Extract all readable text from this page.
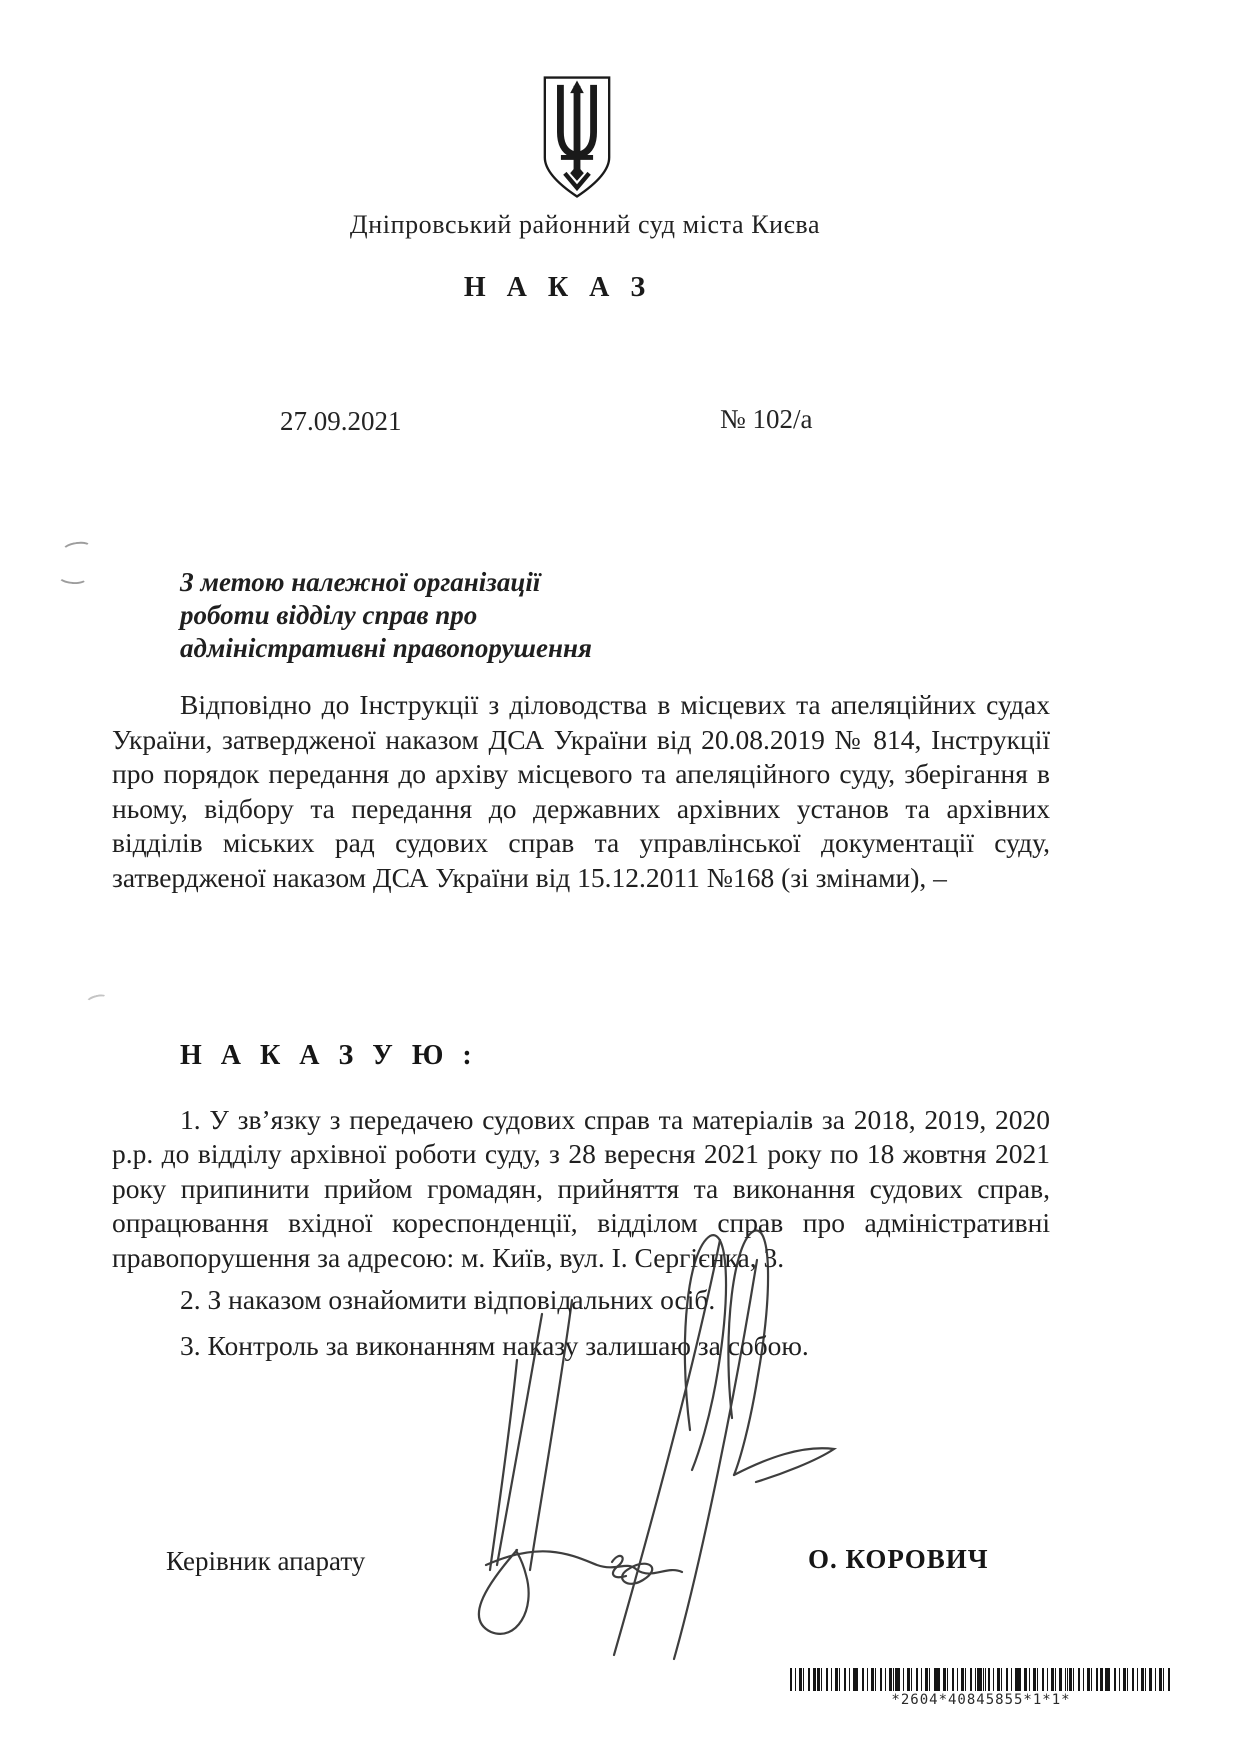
Дніпровський районний суд міста Києва
Н А К А З
27.09.2021	№ 102/а
З метою належної організації
роботи відділу справ про
адміністративні правопорушення
Відповідно до Інструкції з діловодства в місцевих та апеляційних судах України, затвердженої наказом ДСА України від 20.08.2019 № 814, Інструкції про порядок передання до архіву місцевого та апеляційного суду, зберігання в ньому, відбору та передання до державних архівних установ та архівних відділів міських рад судових справ та управлінської документації суду, затвердженої наказом ДСА України від 15.12.2011 №168 (зі змінами), –
Н А К А З У Ю :

1. У зв’язку з передачею судових справ та матеріалів за 2018, 2019, 2020 р.р. до відділу архівної роботи суду, з 28 вересня 2021 року по 18 жовтня 2021 року припинити прийом громадян, прийняття та виконання судових справ, опрацювання вхідної кореспонденції, відділом справ про адміністративні правопорушення за адресою: м. Київ, вул. І. Сергієнка, 3.

2. З наказом ознайомити відповідальних осіб.

3. Контроль за виконанням наказу залишаю за собою.

Керівник апарату	О. КОРОВИЧ
*2604*40845855*1*1*
